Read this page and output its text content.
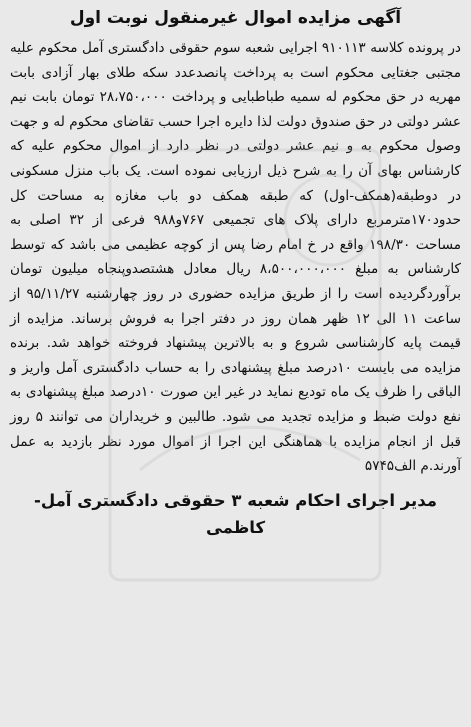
آگهی مزایده اموال غیرمنقول نوبت اول

در پرونده کلاسه ۹۱۰۱۱۳ اجرایی شعبه سوم حقوقی دادگستری آمل محکوم علیه مجتبی جغتایی محکوم است به پرداخت پانصدعدد سکه طلای بهار آزادی بابت مهریه در حق محکوم له سمیه طباطبایی و پرداخت ۲۸،۷۵۰،۰۰۰ تومان بابت نیم عشر دولتی در حق صندوق دولت لذا دایره اجرا حسب تقاضای محکوم له و جهت وصول محکوم به و نیم عشر دولتی در نظر دارد از اموال محکوم علیه که کارشناس بهای آن را به شرح ذیل ارزیابی نموده است. یک باب منزل مسکونی در دوطبقه(همکف-اول) که طبقه همکف دو باب مغازه به مساحت کل حدود۱۷۰مترمربع دارای پلاک های تجمیعی ۷۶۷و۹۸۸ فرعی از ۳۲ اصلی به مساحت ۱۹۸/۳۰ واقع در خ امام رضا پس از کوچه عظیمی می باشد که توسط کارشناس به مبلغ ۸،۵۰۰،۰۰۰،۰۰۰ ریال معادل هشتصدوپنجاه میلیون تومان برآوردگردیده است را از طریق مزایده حضوری در روز چهارشنبه ۹۵/۱۱/۲۷ از ساعت ۱۱ الی ۱۲ ظهر همان روز در دفتر اجرا به فروش برساند. مزایده از قیمت پایه کارشناسی شروع و به بالاترین پیشنهاد فروخته خواهد شد. برنده مزایده می بایست ۱۰درصد مبلغ پیشنهادی را به حساب دادگستری آمل واریز و الباقی را ظرف یک ماه تودیع نماید در غیر این صورت ۱۰درصد مبلغ پیشنهادی به نفع دولت ضبط و مزایده تجدید می شود. طالبین و خریداران می توانند ۵ روز قبل از انجام مزایده با هماهنگی این اجرا از اموال مورد نظر بازدید به عمل آورند.م الف۵۷۴۵

مدیر اجرای احکام شعبه ۳ حقوقی دادگستری آمل-کاظمی
